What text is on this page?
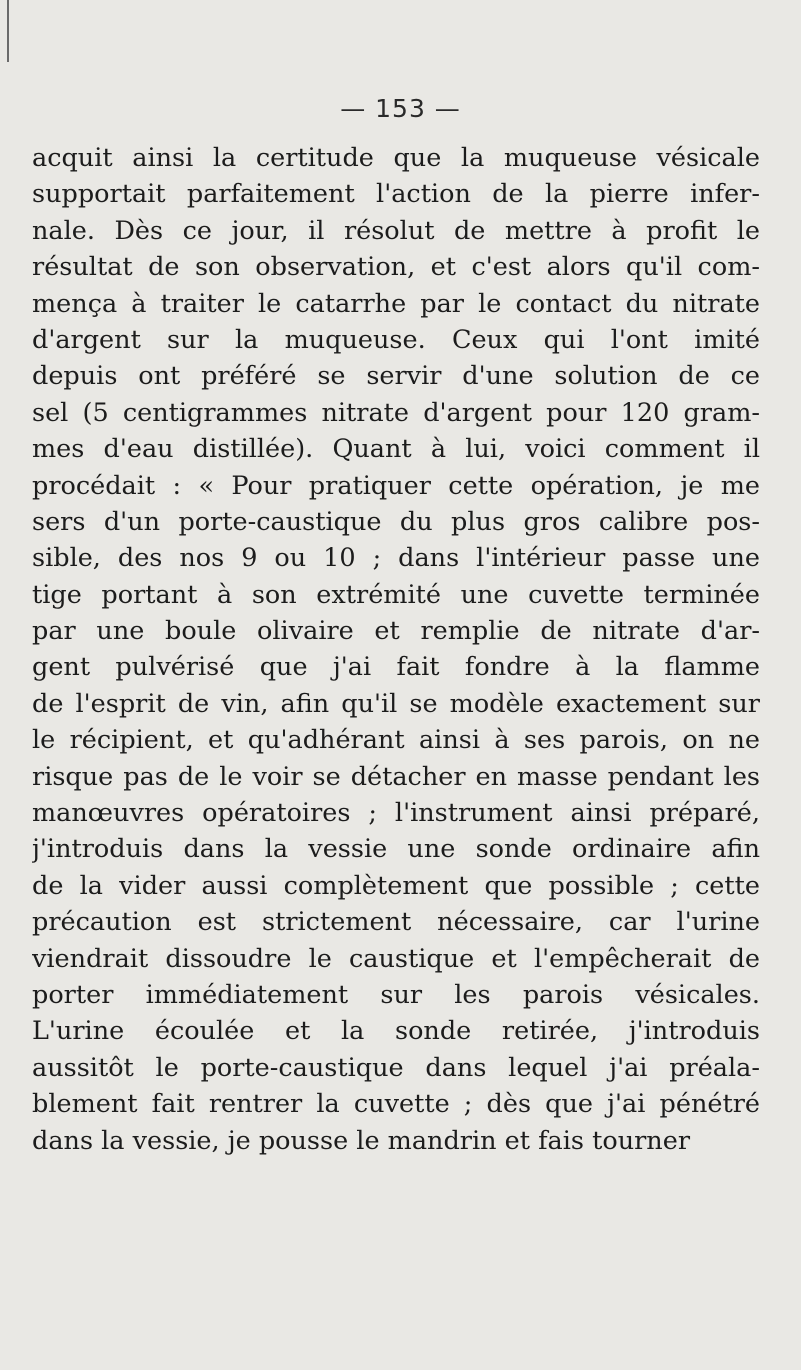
— 153 —
acquit ainsi la certitude que la muqueuse vésicale
supportait parfaitement l'action de la pierre infer-
nale. Dès ce jour, il résolut de mettre à profit le
résultat de son observation, et c'est alors qu'il com-
mença à traiter le catarrhe par le contact du nitrate
d'argent sur la muqueuse. Ceux qui l'ont imité
depuis ont préféré se servir d'une solution de ce
sel (5 centigrammes nitrate d'argent pour 120 gram-
mes d'eau distillée). Quant à lui, voici comment il
procédait : « Pour pratiquer cette opération, je me
sers d'un porte-caustique du plus gros calibre pos-
sible, des nos 9 ou 10 ; dans l'intérieur passe une
tige portant à son extrémité une cuvette terminée
par une boule olivaire et remplie de nitrate d'ar-
gent pulvérisé que j'ai fait fondre à la flamme
de l'esprit de vin, afin qu'il se modèle exactement sur
le récipient, et qu'adhérant ainsi à ses parois, on ne
risque pas de le voir se détacher en masse pendant les
manœuvres opératoires ; l'instrument ainsi préparé,
j'introduis dans la vessie une sonde ordinaire afin
de la vider aussi complètement que possible ; cette
précaution est strictement nécessaire, car l'urine
viendrait dissoudre le caustique et l'empêcherait de
porter immédiatement sur les parois vésicales.
L'urine écoulée et la sonde retirée, j'introduis
aussitôt le porte-caustique dans lequel j'ai préala-
blement fait rentrer la cuvette ; dès que j'ai pénétré
dans la vessie, je pousse le mandrin et fais tourner
